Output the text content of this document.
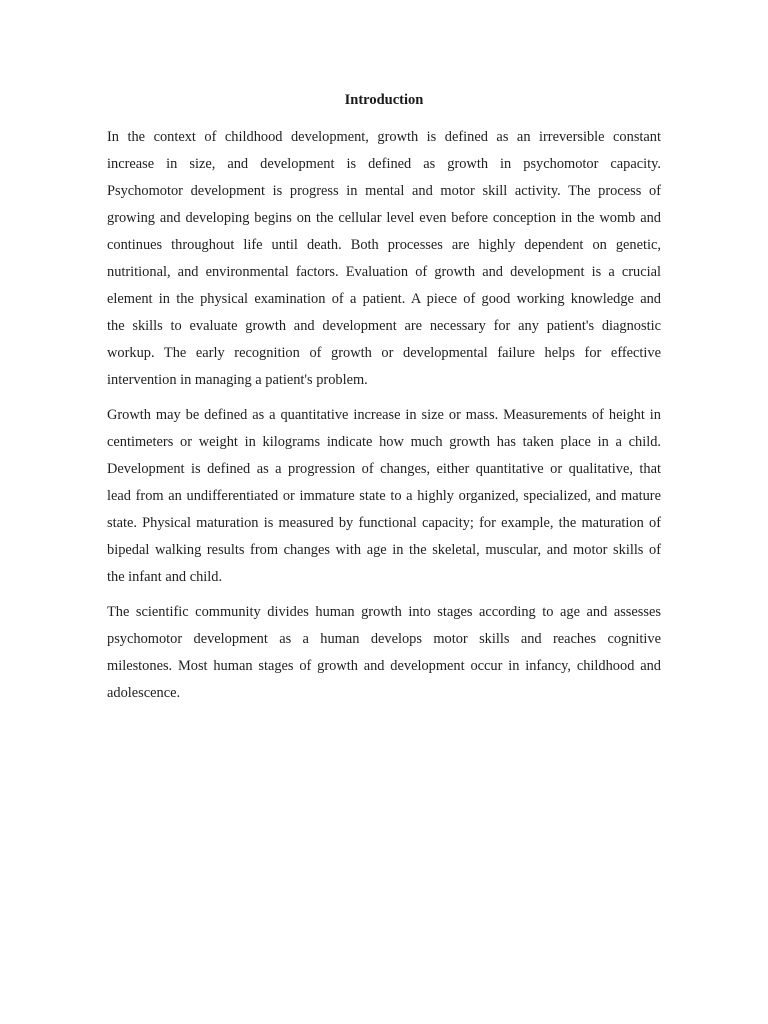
Introduction

In the context of childhood development, growth is defined as an irreversible constant
increase in size, and development is defined as growth in psychomotor capacity.
Psychomotor development is progress in mental and motor skill activity. The process of
growing and developing begins on the cellular level even before conception in the womb and
continues throughout life until death. Both processes are highly dependent on genetic,
nutritional, and environmental factors. Evaluation of growth and development is a crucial
element in the physical examination of a patient. A piece of good working knowledge and
the skills to evaluate growth and development are necessary for any patient's diagnostic
workup. The early recognition of growth or developmental failure helps for effective
intervention in managing a patient's problem.

Growth may be defined as a quantitative increase in size or mass. Measurements of height in
centimeters or weight in kilograms indicate how much growth has taken place in a child.
Development is defined as a progression of changes, either quantitative or qualitative, that
lead from an undifferentiated or immature state to a highly organized, specialized, and mature
state. Physical maturation is measured by functional capacity; for example, the maturation of
bipedal walking results from changes with age in the skeletal, muscular, and motor skills of
the infant and child.

The scientific community divides human growth into stages according to age and assesses
psychomotor development as a human develops motor skills and reaches cognitive
milestones. Most human stages of growth and development occur in infancy, childhood and
adolescence.
